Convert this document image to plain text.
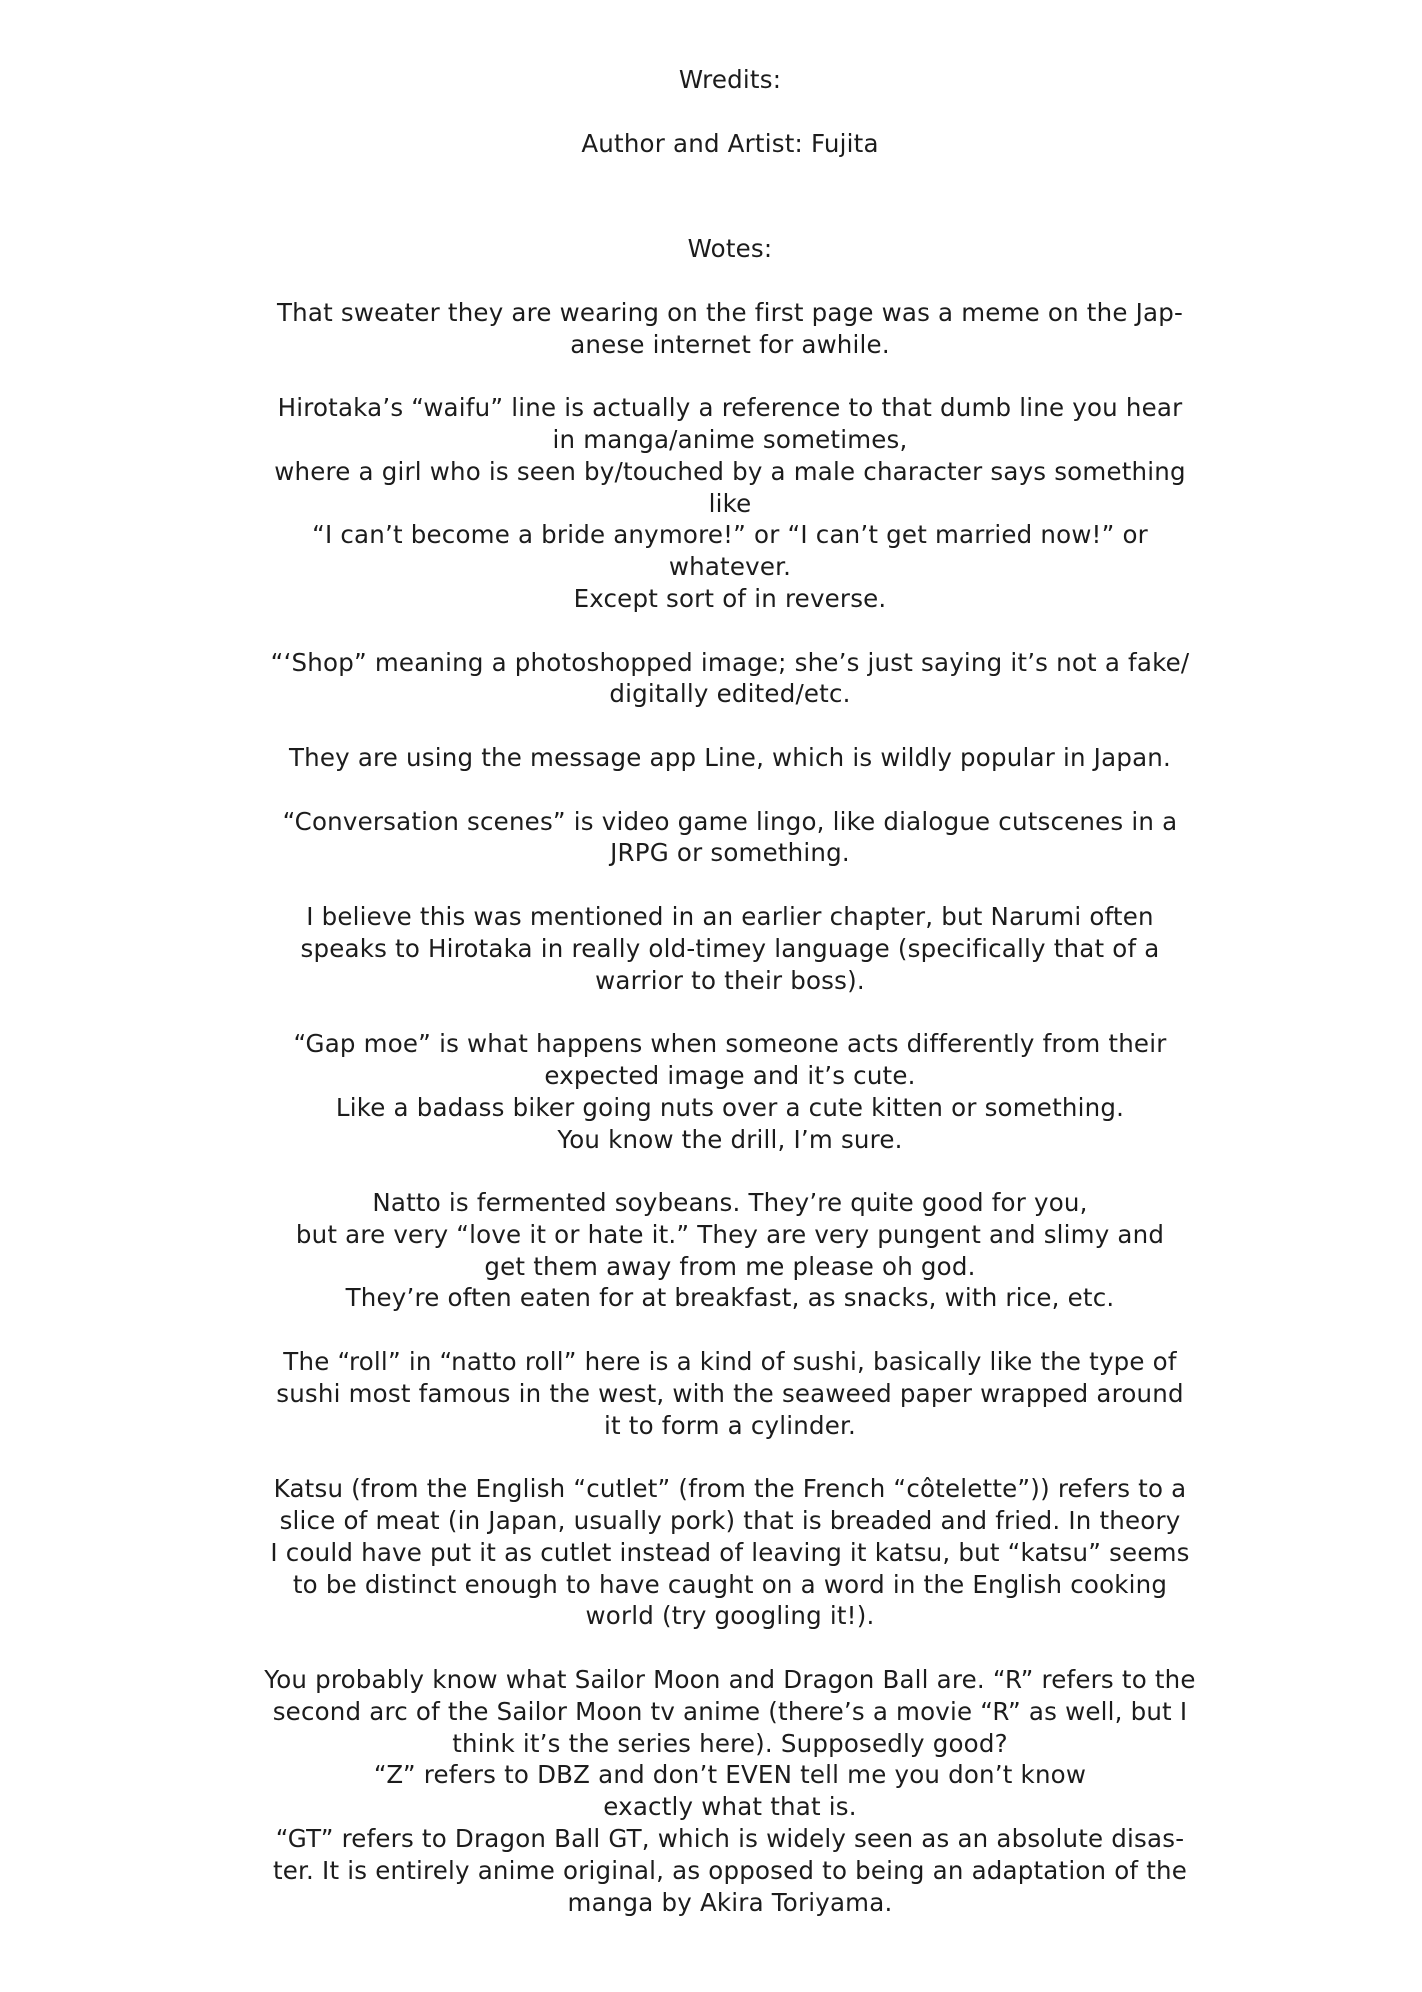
Wredits:
Author and Artist: Fujita
Wotes:
That sweater they are wearing on the first page was a meme on the Jap-
anese internet for awhile.
Hirotaka’s “waifu” line is actually a reference to that dumb line you hear
in manga/anime sometimes,
where a girl who is seen by/touched by a male character says something
like
“I can’t become a bride anymore!” or “I can’t get married now!” or
whatever.
Except sort of in reverse.
“‘Shop” meaning a photoshopped image; she’s just saying it’s not a fake/
digitally edited/etc.
They are using the message app Line, which is wildly popular in Japan.
“Conversation scenes” is video game lingo, like dialogue cutscenes in a
JRPG or something.
I believe this was mentioned in an earlier chapter, but Narumi often
speaks to Hirotaka in really old-timey language (specifically that of a
warrior to their boss).
“Gap moe” is what happens when someone acts differently from their
expected image and it’s cute.
Like a badass biker going nuts over a cute kitten or something.
You know the drill, I’m sure.
Natto is fermented soybeans. They’re quite good for you,
but are very “love it or hate it.” They are very pungent and slimy and
get them away from me please oh god.
They’re often eaten for at breakfast, as snacks, with rice, etc.
The “roll” in “natto roll” here is a kind of sushi, basically like the type of
sushi most famous in the west, with the seaweed paper wrapped around
it to form a cylinder.
Katsu (from the English “cutlet” (from the French “côtelette”)) refers to a
slice of meat (in Japan, usually pork) that is breaded and fried. In theory
I could have put it as cutlet instead of leaving it katsu, but “katsu” seems
to be distinct enough to have caught on a word in the English cooking
world (try googling it!).
You probably know what Sailor Moon and Dragon Ball are. “R” refers to the
second arc of the Sailor Moon tv anime (there’s a movie “R” as well, but I
think it’s the series here). Supposedly good?
“Z” refers to DBZ and don’t EVEN tell me you don’t know
exactly what that is.
“GT” refers to Dragon Ball GT, which is widely seen as an absolute disas-
ter. It is entirely anime original, as opposed to being an adaptation of the
manga by Akira Toriyama.
